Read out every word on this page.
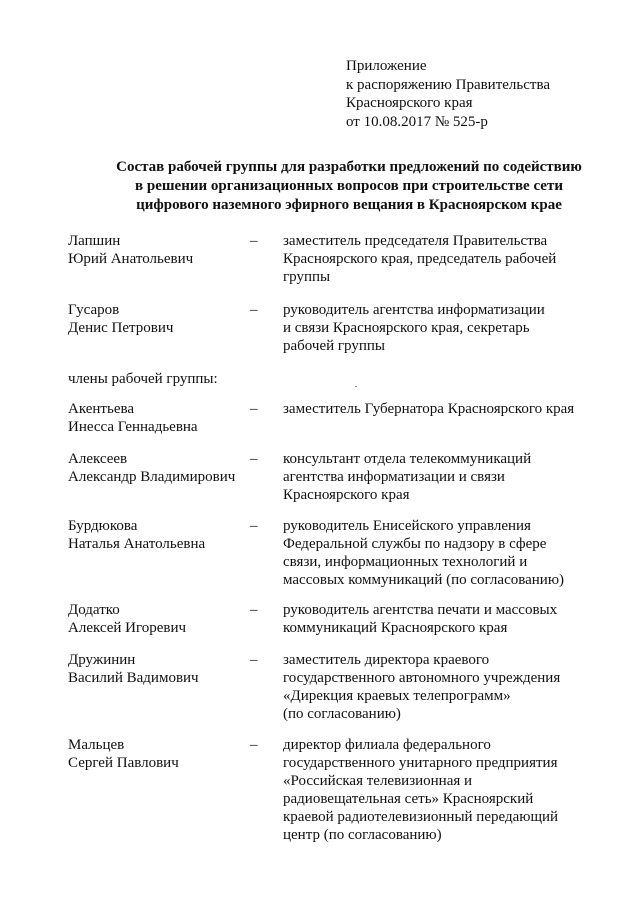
Приложение
к распоряжению Правительства
Красноярского края
от 10.08.2017 № 525-р
Состав рабочей группы для разработки предложений по содействию
в решении организационных вопросов при строительстве сети
цифрового наземного эфирного вещания в Красноярском крае
Лапшин
Юрий Анатольевич
– заместитель председателя Правительства
Красноярского края, председатель рабочей
группы
Гусаров
Денис Петрович
– руководитель агентства информатизации
и связи Красноярского края, секретарь
рабочей группы
члены рабочей группы:
Акентьева
Инесса Геннадьевна
– заместитель Губернатора Красноярского края
Алексеев
Александр Владимирович
– консультант отдела телекоммуникаций
агентства информатизации и связи
Красноярского края
Бурдюкова
Наталья Анатольевна
– руководитель Енисейского управления
Федеральной службы по надзору в сфере
связи, информационных технологий и
массовых коммуникаций (по согласованию)
Додатко
Алексей Игоревич
– руководитель агентства печати и массовых
коммуникаций Красноярского края
Дружинин
Василий Вадимович
– заместитель директора краевого
государственного автономного учреждения
«Дирекция краевых телепрограмм»
(по согласованию)
Мальцев
Сергей Павлович
– директор филиала федерального
государственного унитарного предприятия
«Российская телевизионная и
радиовещательная сеть» Красноярский
краевой радиотелевизионный передающий
центр (по согласованию)
